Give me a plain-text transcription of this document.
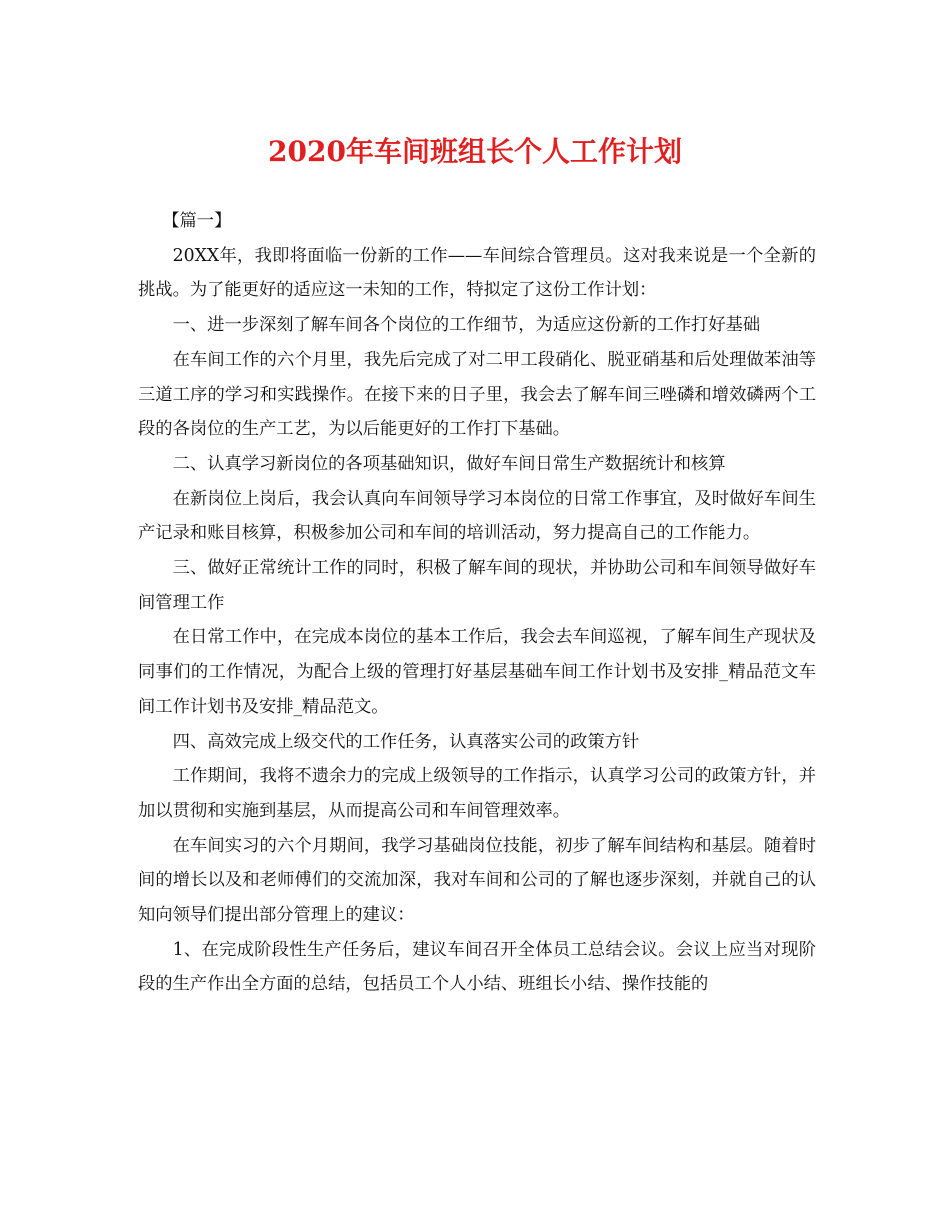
2020年车间班组长个人工作计划

【篇一】

20XX年，我即将面临一份新的工作——车间综合管理员。这对我来说是一个全新的挑战。为了能更好的适应这一未知的工作，特拟定了这份工作计划：

一、进一步深刻了解车间各个岗位的工作细节，为适应这份新的工作打好基础

在车间工作的六个月里，我先后完成了对二甲工段硝化、脱亚硝基和后处理做苯油等三道工序的学习和实践操作。在接下来的日子里，我会去了解车间三唑磷和增效磷两个工段的各岗位的生产工艺，为以后能更好的工作打下基础。

二、认真学习新岗位的各项基础知识，做好车间日常生产数据统计和核算

在新岗位上岗后，我会认真向车间领导学习本岗位的日常工作事宜，及时做好车间生产记录和账目核算，积极参加公司和车间的培训活动，努力提高自己的工作能力。

三、做好正常统计工作的同时，积极了解车间的现状，并协助公司和车间领导做好车间管理工作

在日常工作中，在完成本岗位的基本工作后，我会去车间巡视，了解车间生产现状及同事们的工作情况，为配合上级的管理打好基层基础车间工作计划书及安排_精品范文车间工作计划书及安排_精品范文。

四、高效完成上级交代的工作任务，认真落实公司的政策方针

工作期间，我将不遗余力的完成上级领导的工作指示，认真学习公司的政策方针，并加以贯彻和实施到基层，从而提高公司和车间管理效率。

在车间实习的六个月期间，我学习基础岗位技能，初步了解车间结构和基层。随着时间的增长以及和老师傅们的交流加深，我对车间和公司的了解也逐步深刻，并就自己的认知向领导们提出部分管理上的建议：

1、在完成阶段性生产任务后，建议车间召开全体员工总结会议。会议上应当对现阶段的生产作出全方面的总结，包括员工个人小结、班组长小结、操作技能的
